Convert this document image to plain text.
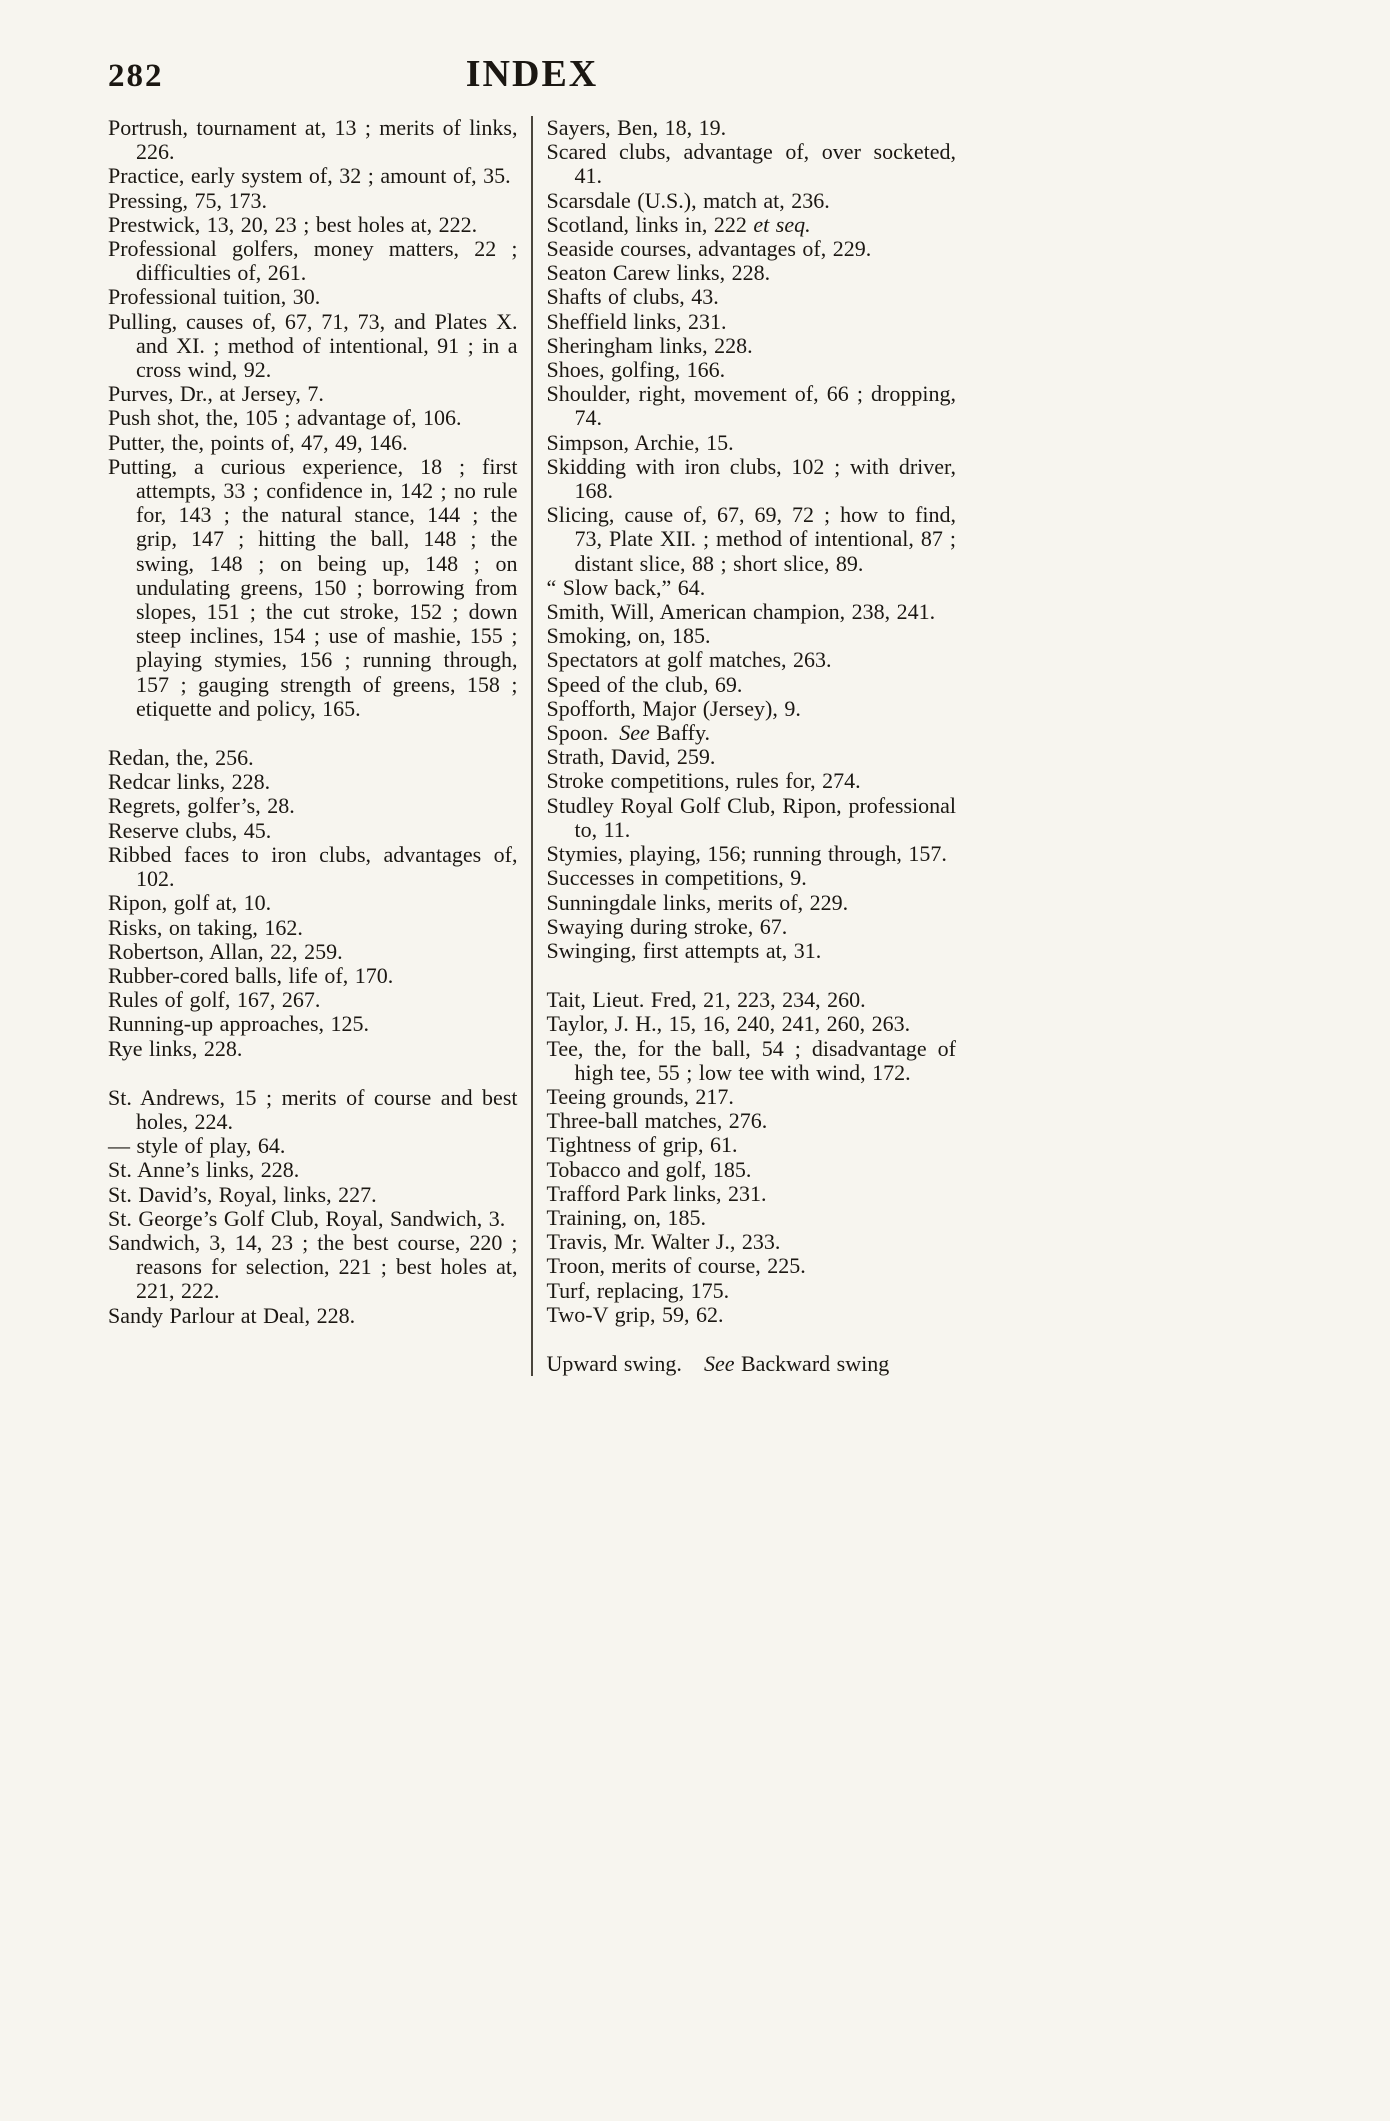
282	INDEX

Portrush, tournament at, 13 ; merits of links, 226.

Practice, early system of, 32 ; amount of, 35.

Pressing, 75, 173.

Prestwick, 13, 20, 23 ; best holes at, 222.

Professional golfers, money matters, 22 ; difficulties of, 261.

Professional tuition, 30.

Pulling, causes of, 67, 71, 73, and Plates X. and XI. ; method of intentional, 91 ; in a cross wind, 92.

Purves, Dr., at Jersey, 7.

Push shot, the, 105 ; advantage of, 106.

Putter, the, points of, 47, 49, 146.

Putting, a curious experience, 18 ; first attempts, 33 ; confidence in, 142 ; no rule for, 143 ; the natural stance, 144 ; the grip, 147 ; hitting the ball, 148 ; the swing, 148 ; on being up, 148 ; on undulating greens, 150 ; borrowing from slopes, 151 ; the cut stroke, 152 ; down steep inclines, 154 ; use of mashie, 155 ; playing stymies, 156 ; running through, 157 ; gauging strength of greens, 158 ; etiquette and policy, 165.

Redan, the, 256.

Redcar links, 228.

Regrets, golfer’s, 28.

Reserve clubs, 45.

Ribbed faces to iron clubs, advantages of, 102.

Ripon, golf at, 10.

Risks, on taking, 162.

Robertson, Allan, 22, 259.

Rubber-cored balls, life of, 170.

Rules of golf, 167, 267.

Running-up approaches, 125.

Rye links, 228.

St. Andrews, 15 ; merits of course and best holes, 224.

— style of play, 64.

St. Anne’s links, 228.

St. David’s, Royal, links, 227.

St. George’s Golf Club, Royal, Sandwich, 3.

Sandwich, 3, 14, 23 ; the best course, 220 ; reasons for selection, 221 ; best holes at, 221, 222.

Sandy Parlour at Deal, 228.

Sayers, Ben, 18, 19.

Scared clubs, advantage of, over socketed, 41.

Scarsdale (U.S.), match at, 236.

Scotland, links in, 222 et seq.

Seaside courses, advantages of, 229.

Seaton Carew links, 228.

Shafts of clubs, 43.

Sheffield links, 231.

Sheringham links, 228.

Shoes, golfing, 166.

Shoulder, right, movement of, 66 ; dropping, 74.

Simpson, Archie, 15.

Skidding with iron clubs, 102 ; with driver, 168.

Slicing, cause of, 67, 69, 72 ; how to find, 73, Plate XII. ; method of intentional, 87 ; distant slice, 88 ; short slice, 89.

“ Slow back,” 64.

Smith, Will, American champion, 238, 241.

Smoking, on, 185.

Spectators at golf matches, 263.

Speed of the club, 69.

Spofforth, Major (Jersey), 9.

Spoon. See Baffy.

Strath, David, 259.

Stroke competitions, rules for, 274.

Studley Royal Golf Club, Ripon, professional to, 11.

Stymies, playing, 156; running through, 157.

Successes in competitions, 9.

Sunningdale links, merits of, 229.

Swaying during stroke, 67.

Swinging, first attempts at, 31.

Tait, Lieut. Fred, 21, 223, 234, 260.

Taylor, J. H., 15, 16, 240, 241, 260, 263.

Tee, the, for the ball, 54 ; disadvantage of high tee, 55 ; low tee with wind, 172.

Teeing grounds, 217.

Three-ball matches, 276.

Tightness of grip, 61.

Tobacco and golf, 185.

Trafford Park links, 231.

Training, on, 185.

Travis, Mr. Walter J., 233.

Troon, merits of course, 225.

Turf, replacing, 175.

Two-V grip, 59, 62.

Upward swing.  See Backward swing
